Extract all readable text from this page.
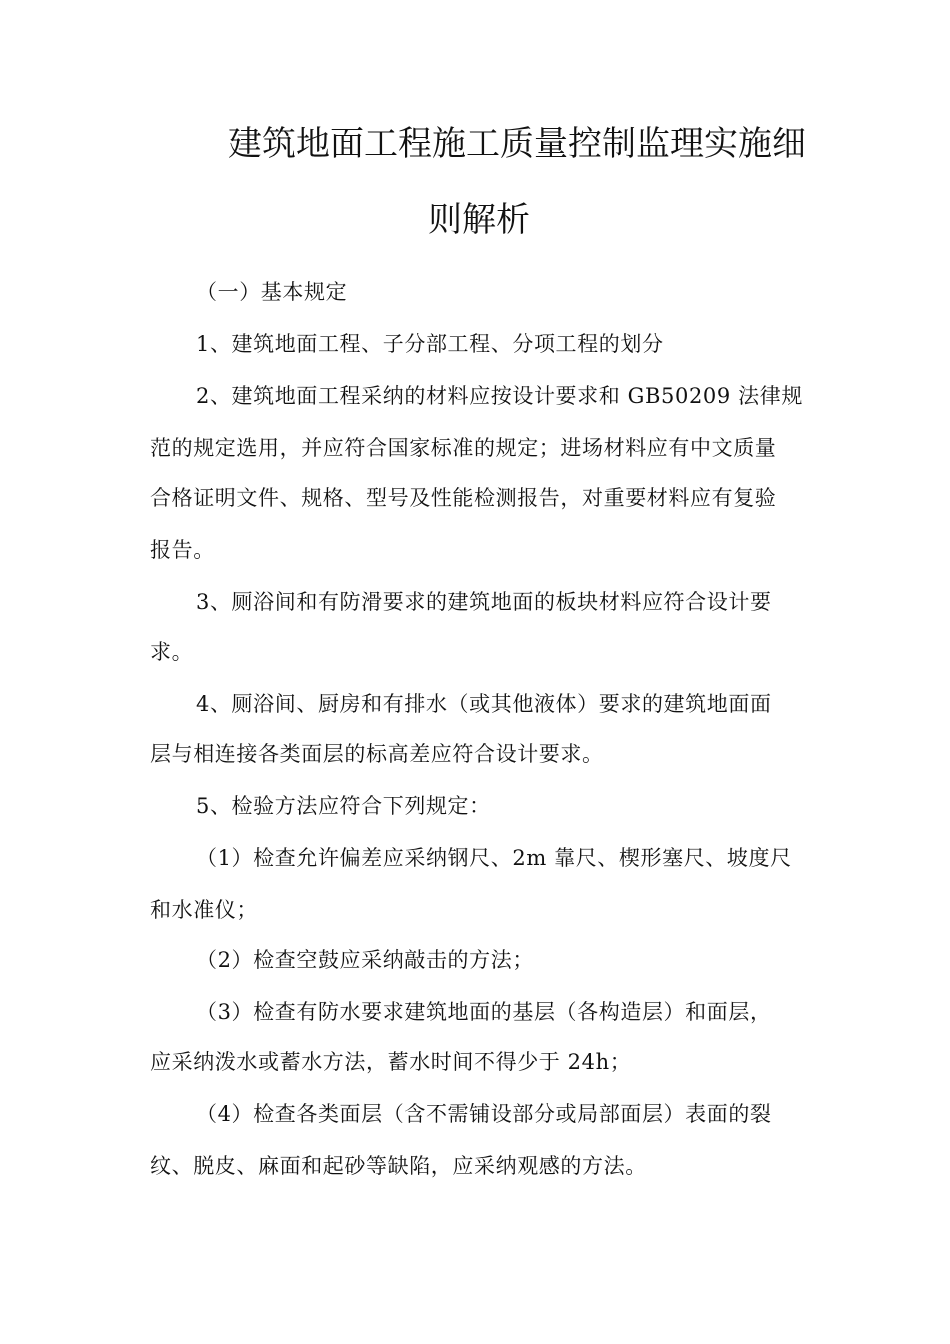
建筑地面工程施工质量控制监理实施细
则解析
（一）基本规定
1、建筑地面工程、子分部工程、分项工程的划分
2、建筑地面工程采纳的材料应按设计要求和 GB50209 法律规
范的规定选用，并应符合国家标准的规定；进场材料应有中文质量
合格证明文件、规格、型号及性能检测报告，对重要材料应有复验
报告。
3、厕浴间和有防滑要求的建筑地面的板块材料应符合设计要
求。
4、厕浴间、厨房和有排水（或其他液体）要求的建筑地面面
层与相连接各类面层的标高差应符合设计要求。
5、检验方法应符合下列规定：
（1）检查允许偏差应采纳钢尺、2m 靠尺、楔形塞尺、坡度尺
和水准仪；
（2）检查空鼓应采纳敲击的方法；
（3）检查有防水要求建筑地面的基层（各构造层）和面层，
应采纳泼水或蓄水方法，蓄水时间不得少于 24h；
（4）检查各类面层（含不需铺设部分或局部面层）表面的裂
纹、脱皮、麻面和起砂等缺陷，应采纳观感的方法。
